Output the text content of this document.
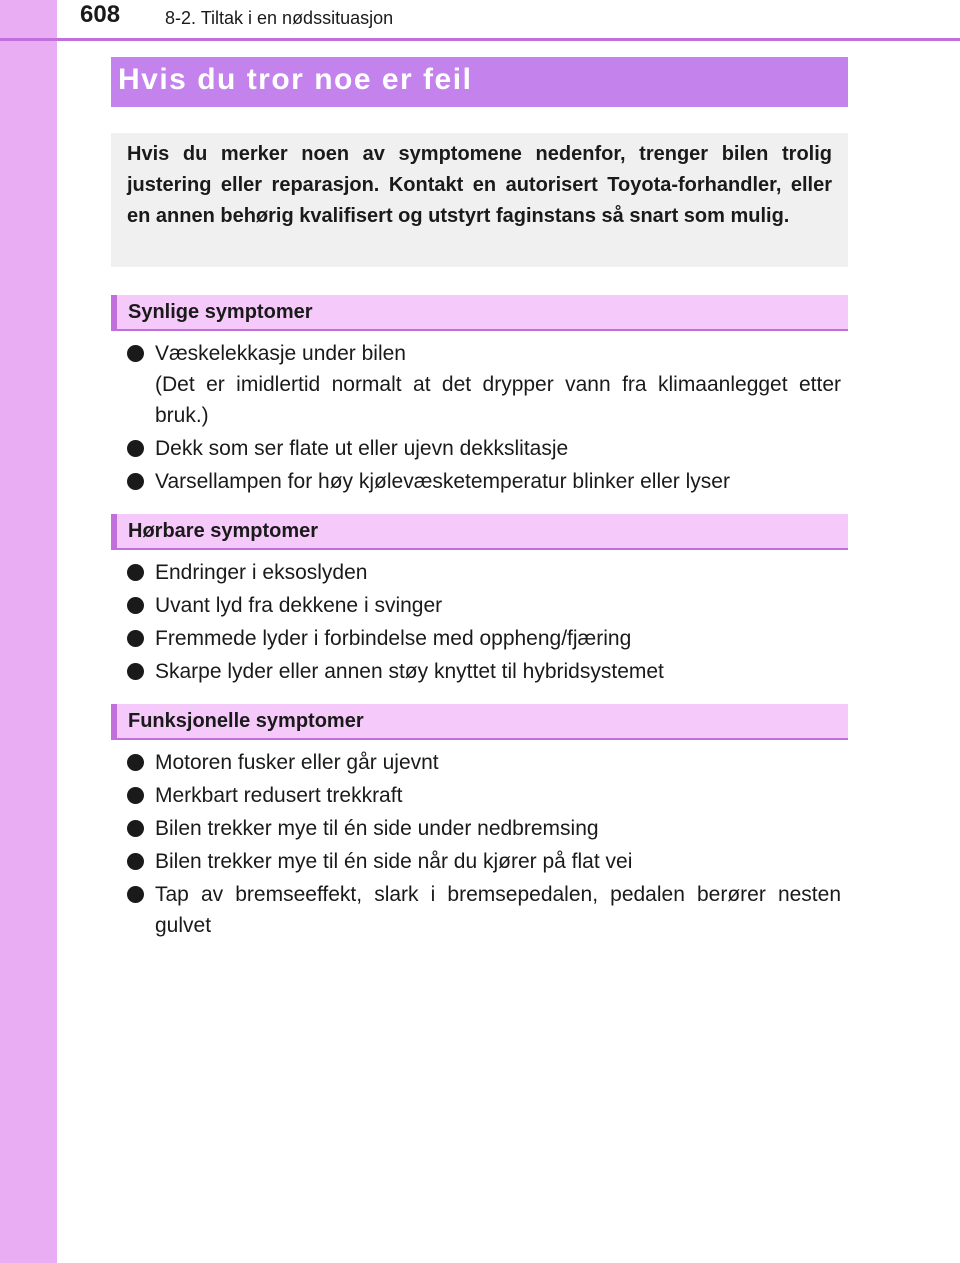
608 8-2. Tiltak i en nødssituasjon
Hvis du tror noe er feil

Hvis du merker noen av symptomene nedenfor, trenger bilen trolig justering eller reparasjon. Kontakt en autorisert Toyota-forhandler, eller en annen behørig kvalifisert og utstyrt faginstans så snart som mulig.

Synlige symptomer
Væskelekkasje under bilen
(Det er imidlertid normalt at det drypper vann fra klimaanlegget etter bruk.)
Dekk som ser flate ut eller ujevn dekkslitasje
Varsellampen for høy kjølevæsketemperatur blinker eller lyser
Hørbare symptomer
Endringer i eksoslyden
Uvant lyd fra dekkene i svinger
Fremmede lyder i forbindelse med oppheng/fjæring
Skarpe lyder eller annen støy knyttet til hybridsystemet
Funksjonelle symptomer
Motoren fusker eller går ujevnt
Merkbart redusert trekkraft
Bilen trekker mye til én side under nedbremsing
Bilen trekker mye til én side når du kjører på flat vei
Tap av bremseeffekt, slark i bremsepedalen, pedalen berører nesten gulvet
